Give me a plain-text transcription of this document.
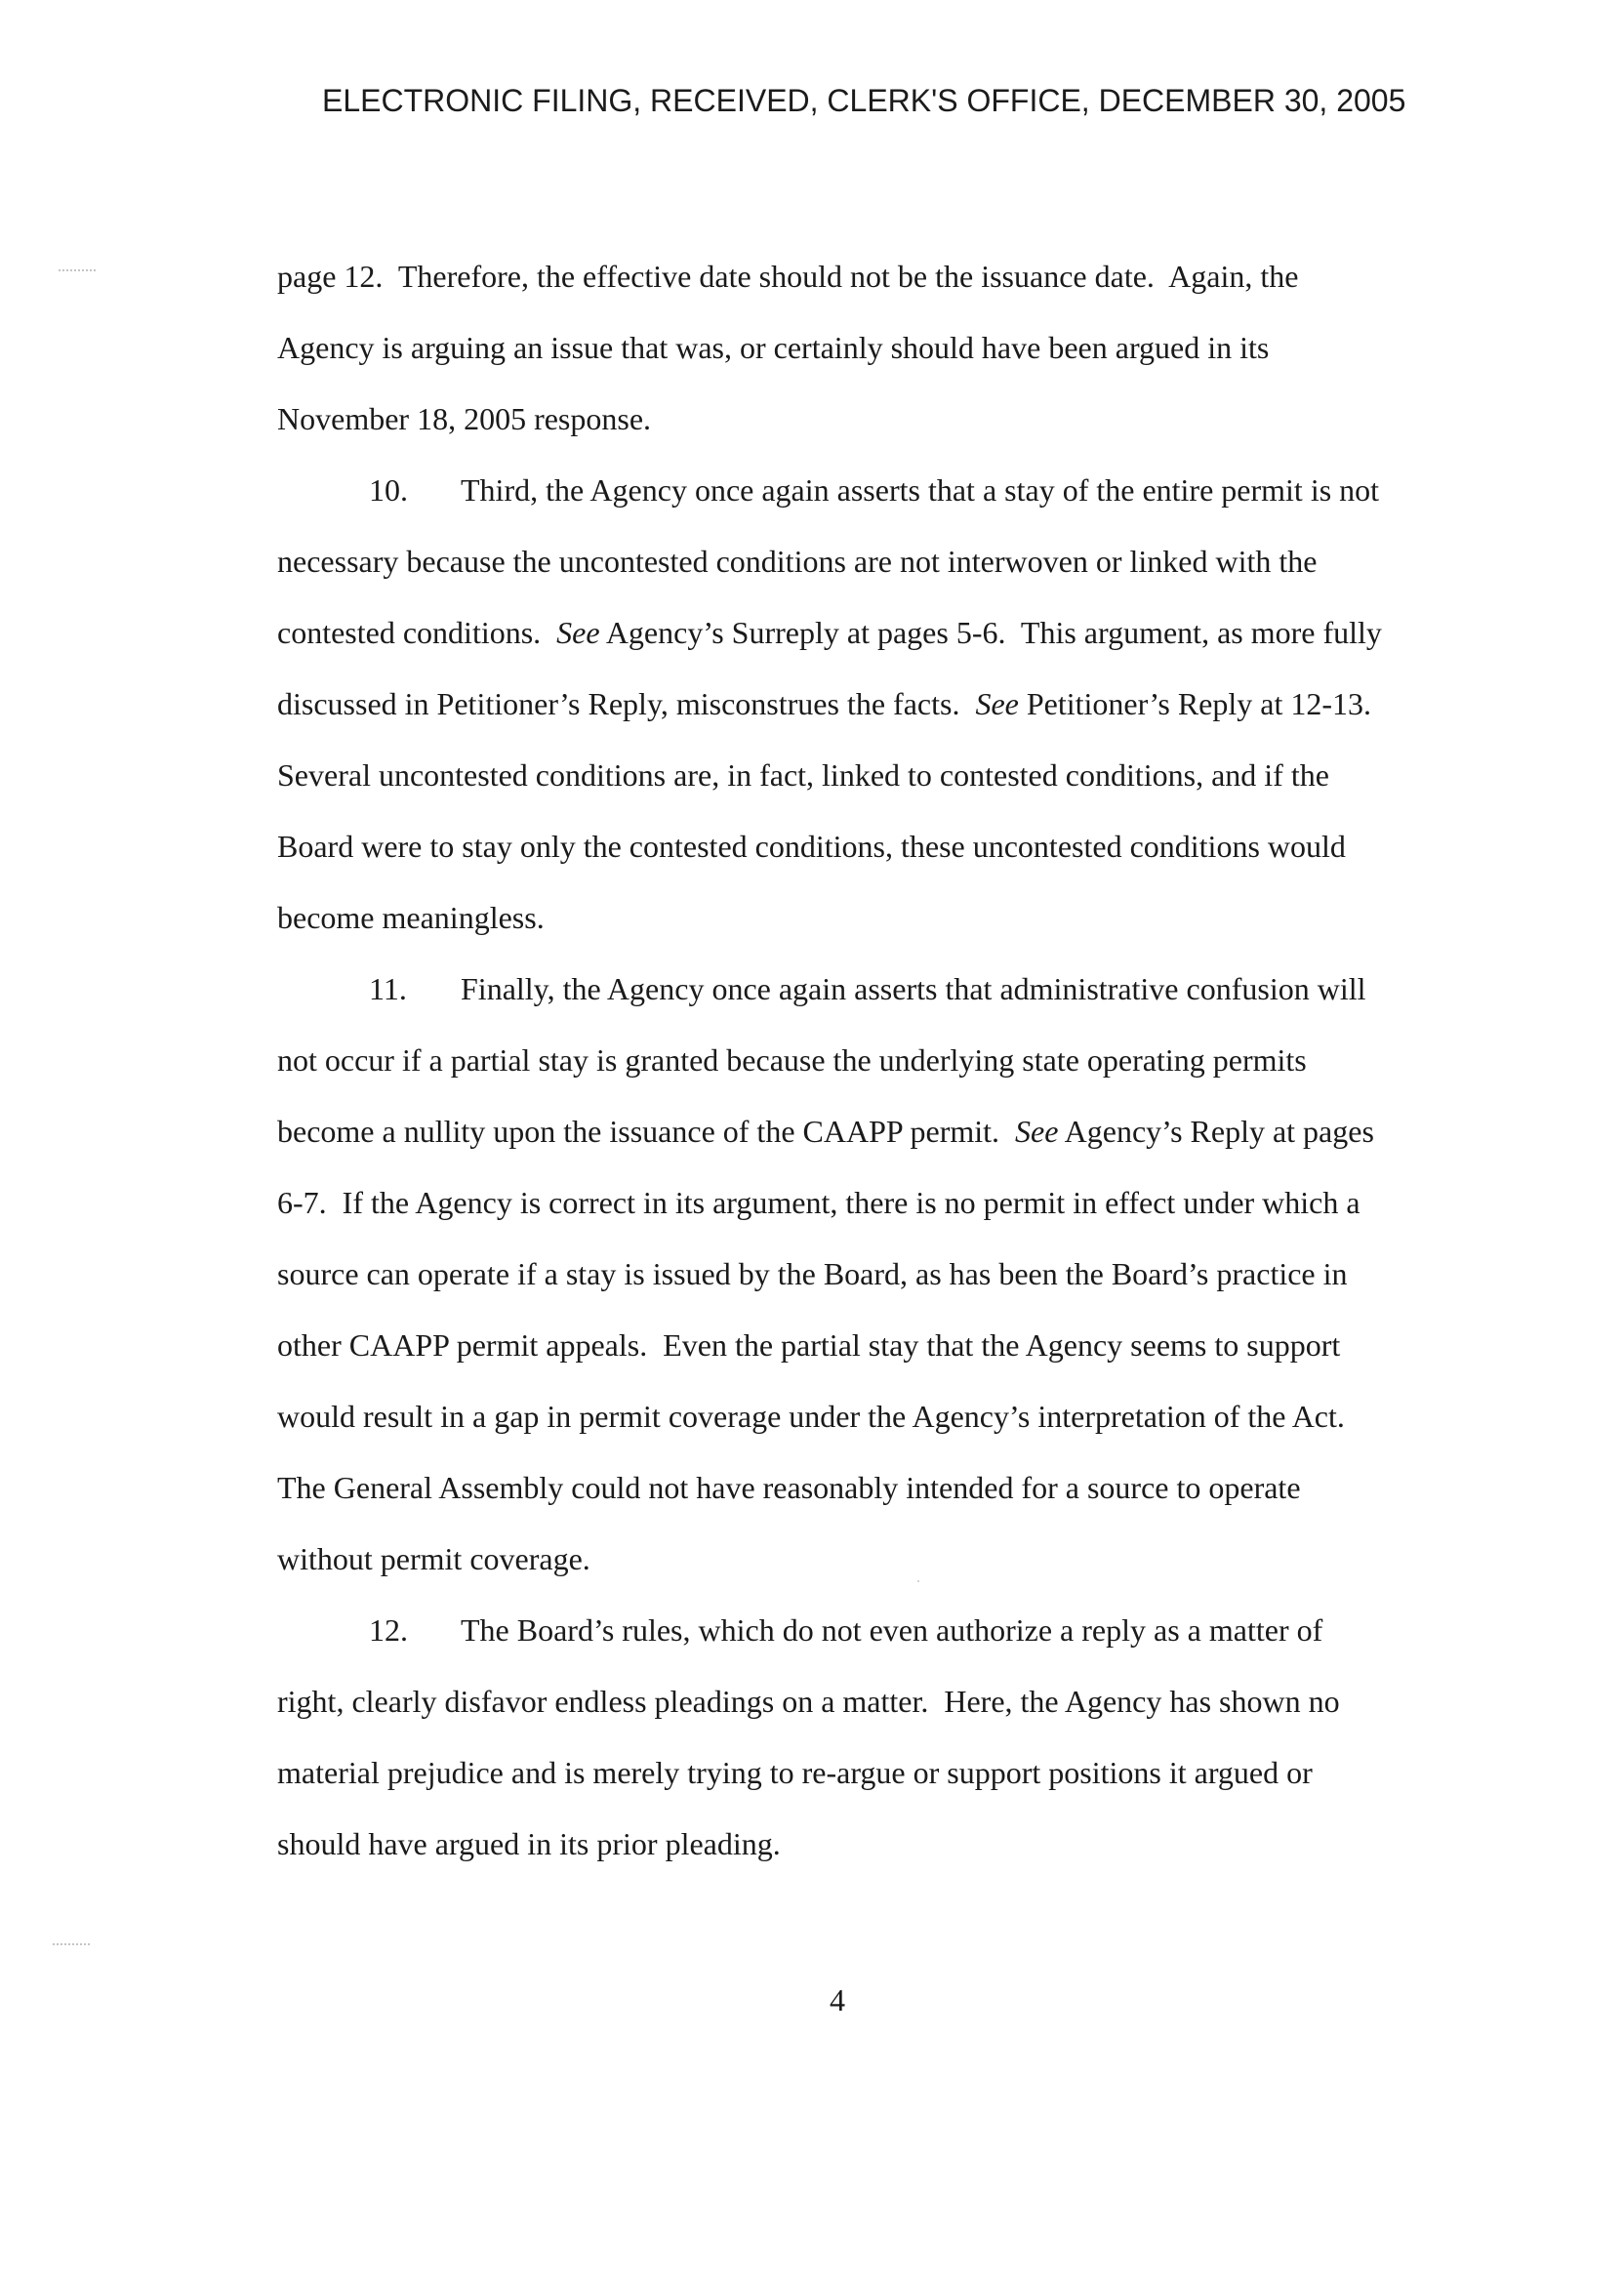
ELECTRONIC FILING, RECEIVED, CLERK'S OFFICE, DECEMBER 30, 2005
page 12.  Therefore, the effective date should not be the issuance date.  Again, the
Agency is arguing an issue that was, or certainly should have been argued in its
November 18, 2005 response.
10. Third, the Agency once again asserts that a stay of the entire permit is not
necessary because the uncontested conditions are not interwoven or linked with the
contested conditions.  See Agency’s Surreply at pages 5-6.  This argument, as more fully
discussed in Petitioner’s Reply, misconstrues the facts.  See Petitioner’s Reply at 12-13.
Several uncontested conditions are, in fact, linked to contested conditions, and if the
Board were to stay only the contested conditions, these uncontested conditions would
become meaningless.
11. Finally, the Agency once again asserts that administrative confusion will
not occur if a partial stay is granted because the underlying state operating permits
become a nullity upon the issuance of the CAAPP permit.  See Agency’s Reply at pages
6-7.  If the Agency is correct in its argument, there is no permit in effect under which a
source can operate if a stay is issued by the Board, as has been the Board’s practice in
other CAAPP permit appeals.  Even the partial stay that the Agency seems to support
would result in a gap in permit coverage under the Agency’s interpretation of the Act.
The General Assembly could not have reasonably intended for a source to operate
without permit coverage.
12. The Board’s rules, which do not even authorize a reply as a matter of
right, clearly disfavor endless pleadings on a matter.  Here, the Agency has shown no
material prejudice and is merely trying to re-argue or support positions it argued or
should have argued in its prior pleading.
4
